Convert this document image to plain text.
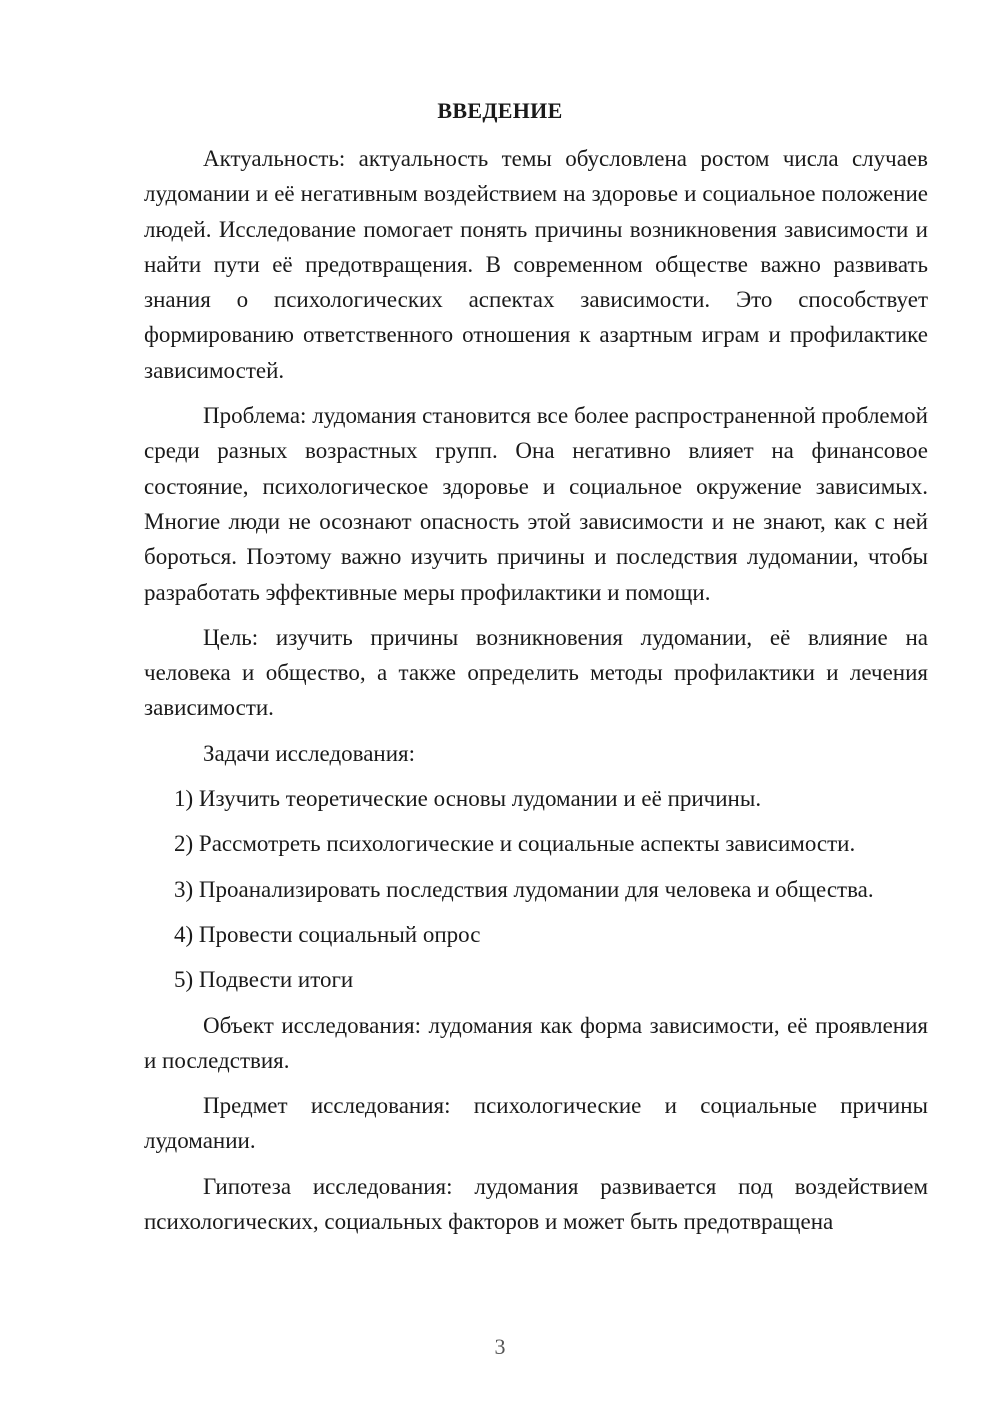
ВВЕДЕНИЕ

Актуальность: актуальность темы обусловлена ростом числа случаев лудомании и её негативным воздействием на здоровье и социальное положение людей. Исследование помогает понять причины возникновения зависимости и найти пути её предотвращения. В современном обществе важно развивать знания о психологических аспектах зависимости. Это способствует формированию ответственного отношения к азартным играм и профилактике зависимостей.

Проблема: лудомания становится все более распространенной проблемой среди разных возрастных групп. Она негативно влияет на финансовое состояние, психологическое здоровье и социальное окружение зависимых. Многие люди не осознают опасность этой зависимости и не знают, как с ней бороться. Поэтому важно изучить причины и последствия лудомании, чтобы разработать эффективные меры профилактики и помощи.

Цель: изучить причины возникновения лудомании, её влияние на человека и общество, а также определить методы профилактики и лечения зависимости.

Задачи исследования:

1) Изучить теоретические основы лудомании и её причины.

2) Рассмотреть психологические и социальные аспекты зависимости.

3) Проанализировать последствия лудомании для человека и общества.

4) Провести социальный опрос

5) Подвести итоги

Объект исследования: лудомания как форма зависимости, её проявления и последствия.

Предмет исследования: психологические и социальные причины лудомании.

Гипотеза исследования: лудомания развивается под воздействием психологических, социальных факторов и может быть предотвращена

3
